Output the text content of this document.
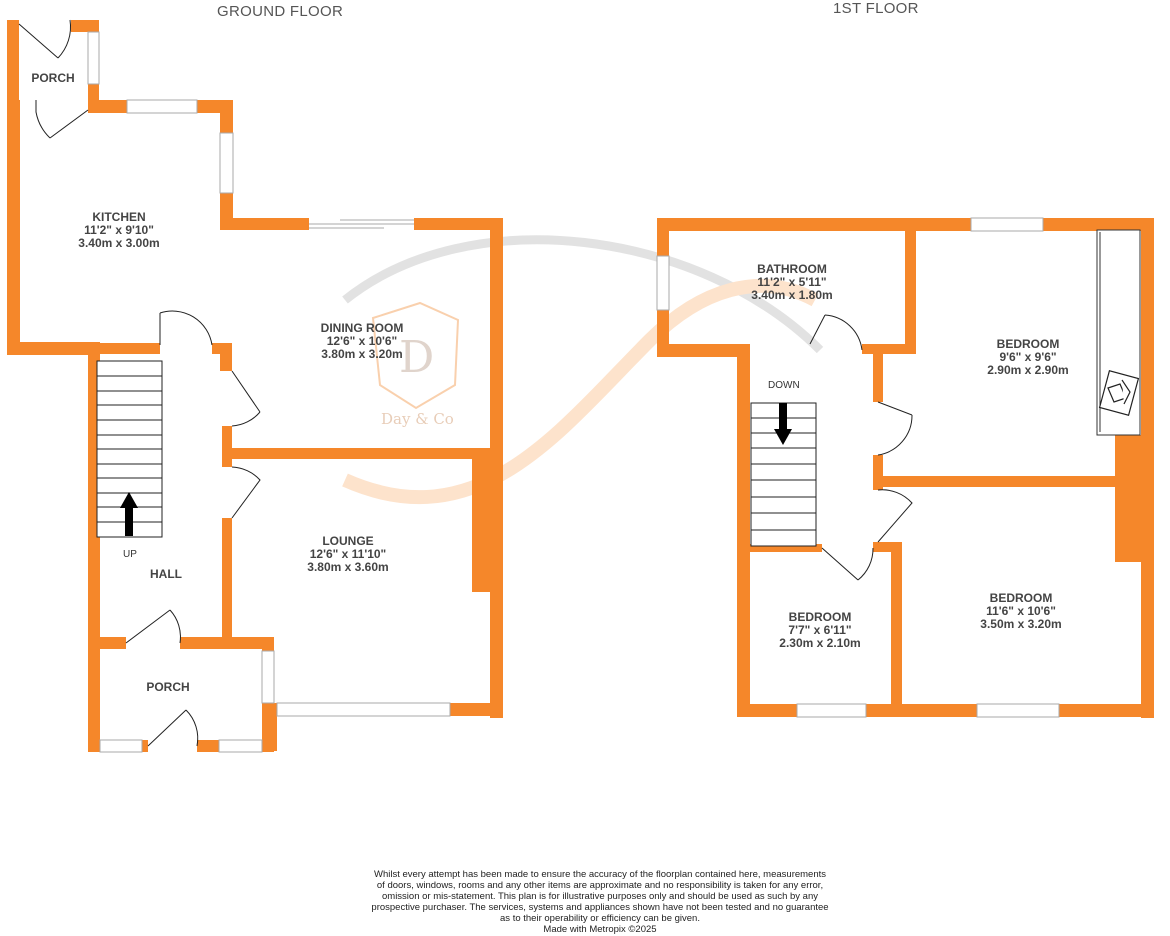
D
Day & Co
GROUND FLOOR	1ST FLOOR
PORCH
KITCHEN
11'2" x 9'10"
3.40m x 3.00m
DINING ROOM
12'6" x 10'6"
3.80m x 3.20m
LOUNGE
12'6" x 11'10"
3.80m x 3.60m
HALL
PORCH
UP
BATHROOM
11'2" x 5'11"
3.40m x 1.80m
BEDROOM
9'6" x 9'6"
2.90m x 2.90m
BEDROOM
7'7" x 6'11"
2.30m x 2.10m
BEDROOM
11'6" x 10'6"
3.50m x 3.20m
DOWN
Whilst every attempt has been made to ensure the accuracy of the floorplan contained here, measurements
of doors, windows, rooms and any other items are approximate and no responsibility is taken for any error,
omission or mis-statement. This plan is for illustrative purposes only and should be used as such by any
prospective purchaser. The services, systems and appliances shown have not been tested and no guarantee
as to their operability or efficiency can be given.
Made with Metropix ©2025
